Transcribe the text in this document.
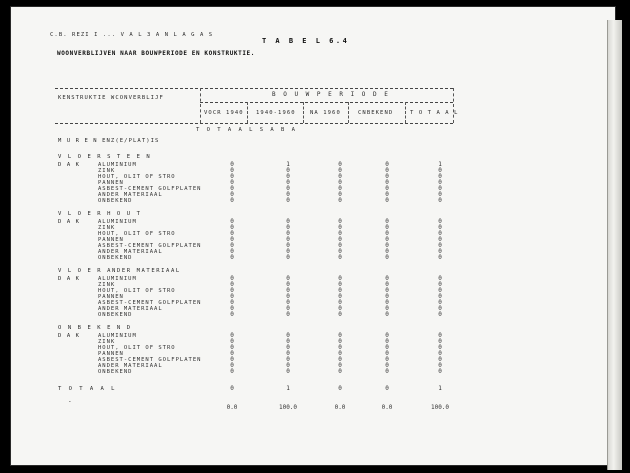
C.B. REZI I ... V A L 3 A N L A G A S
T A B E L 6.4
WOONVERBLIJVEN NAAR BOUWPERIODE EN KONSTRUKTIE.
KENSTRUKTIE WCONVERBLIJF	B O U W P E R I O D E
VOCR 1940 1940-1960	NA 1960	CNBEKEND	T O T A A L
T O T A A L S A B A
M U R E N ENZ(E/PLAT)IS
V L O E R S T E E N
D A K	ALUMINIUM	0	1	0	0	1
ZINK	0	0	0	0	0
HOUT, OLIT OF STRO	0	0	0	0	0
PANNEN	0	0	0	0	0
ASBEST-CEMENT GOLFPLATEN	0	0	0	0	0
ANDER MATERIAAL	0	0	0	0	0
ONBEKEND	0	0	0	0	0
V L O E R H O U T
D A K	ALUMINIUM	0	0	0	0	0
ZINK	0	0	0	0	0
HOUT, OLIT OF STRO	0	0	0	0	0
PANNEN	0	0	0	0	0
ASBEST-CEMENT GOLFPLATEN	0	0	0	0	0
ANDER MATERIAAL	0	0	0	0	0
ONBEKEND	0	0	0	0	0
V L O E R ANDER MATERIAAL
D A K	ALUMINIUM	0	0	0	0	0
ZINK	0	0	0	0	0
HOUT, OLIT OF STRO	0	0	0	0	0
PANNEN	0	0	0	0	0
ASBEST-CEMENT GOLFPLATEN	0	0	0	0	0
ANDER MATERIAAL	0	0	0	0	0
ONBEKEND	0	0	0	0	0
O N B E K E N D
D A K	ALUMINIUM	0	0	0	0	0
ZINK	0	0	0	0	0
HOUT, OLIT OF STRO	0	0	0	0	0
PANNEN	0	0	0	0	0
ASBEST-CEMENT GOLFPLATEN	0	0	0	0	0
ANDER MATERIAAL	0	0	0	0	0
ONBEKEND	0	0	0	0	0
T O T A A L	0	1	0	0	1
-
0.0	100.0	0.0	0.0	100.0
